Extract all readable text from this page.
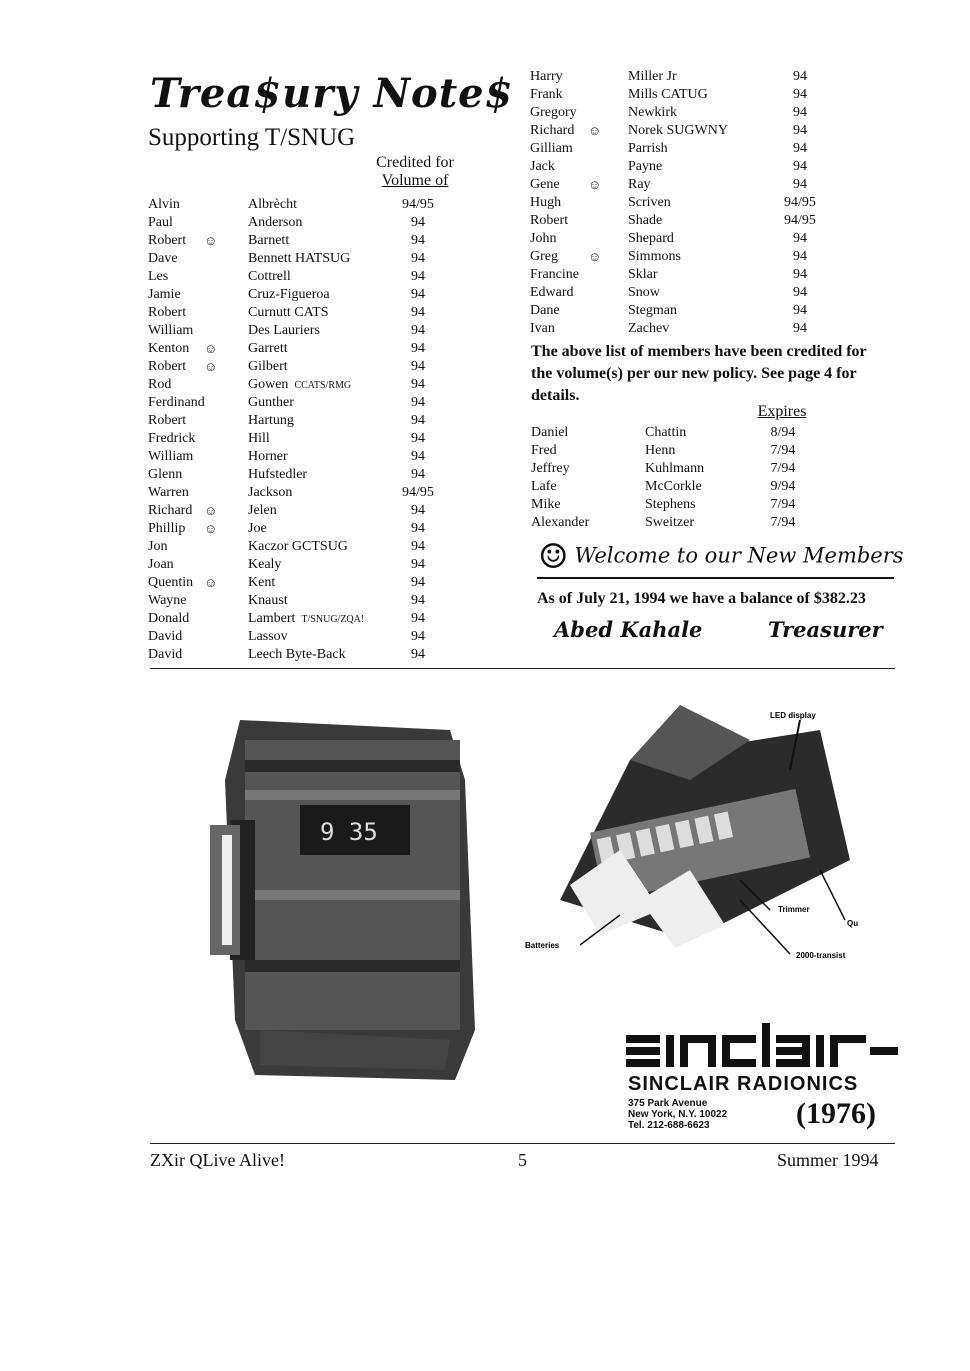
Trea$ury Note$
Supporting T/SNUG
Credited for
Volume of
Alvin	Albrècht	94/95
Paul	Anderson	94
Robert ☺ Barnett	94
Dave	Bennett HATSUG	94
Les	Cottrell	94
Jamie	Cruz-Figueroa	94
Robert	Curnutt CATS	94
William	Des Lauriers	94
Kenton ☺ Garrett	94
Robert ☺ Gilbert	94
Rod	Gowen CCATS/RMG	94
Ferdinand	Gunther	94
Robert	Hartung	94
Fredrick	Hill	94
William	Horner	94
Glenn	Hufstedler	94
Warren	Jackson	94/95
Richard ☺ Jelen	94
Phillip ☺ Joe	94
Jon	Kaczor GCTSUG	94
Joan	Kealy	94
Quentin ☺ Kent	94
Wayne	Knaust	94
Donald	Lambert T/SNUG/ZQA!	94
David	Lassov	94
David	Leech Byte-Back	94
Harry	Miller Jr	94
Frank	Mills CATUG	94
Gregory	Newkirk	94
Richard ☺ Norek SUGWNY	94
Gilliam	Parrish	94
Jack	Payne	94
Gene ☺ Ray	94
Hugh	Scriven	94/95
Robert	Shade	94/95
John	Shepard	94
Greg ☺ Simmons	94
Francine	Sklar	94
Edward	Snow	94
Dane	Stegman	94
Ivan	Zachev	94
The above list of members have been credited for the volume(s) per our new policy. See page 4 for details.
Expires
Daniel	Chattin	8/94
Fred	Henn	7/94
Jeffrey	Kuhlmann	7/94
Lafe	McCorkle	9/94
Mike	Stephens	7/94
Alexander	Sweitzer	7/94
☺ Welcome to our New Members
As of July 21, 1994 we have a balance of $382.23
Abed Kahale	Treasurer
9 35
LED display
Batteries
Trimmer
Qu
2000-transist
SINCLAIR RADIONICS
375 Park Avenue
New York, N.Y. 10022
Tel. 212-688-6623	(1976)
ZXir QLive Alive!	5	Summer 1994
